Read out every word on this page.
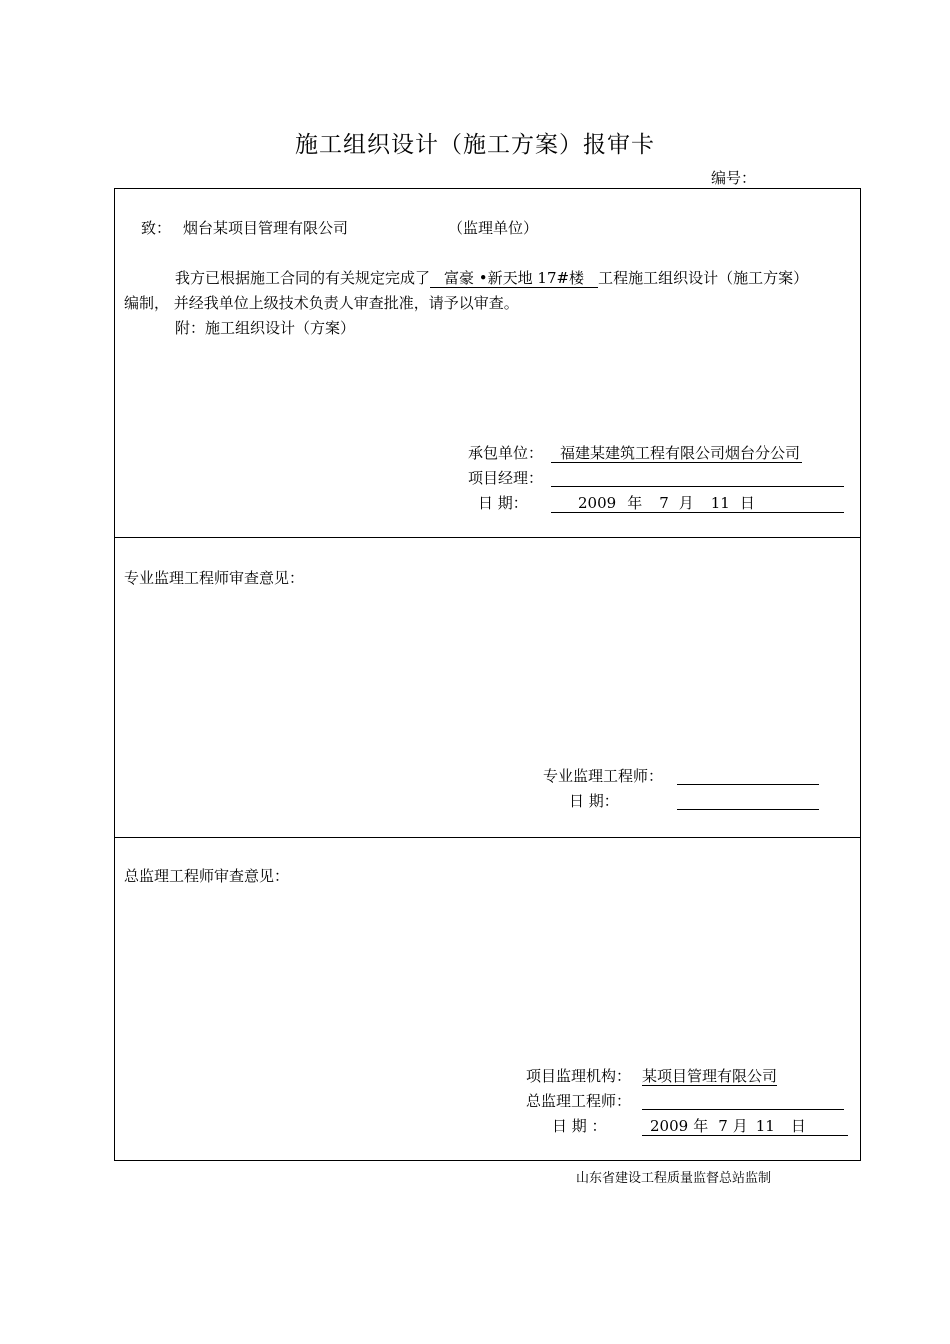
施工组织设计（施工方案）报审卡
编号：
致： 烟台某项目管理有限公司	（监理单位）
我方已根据施工合同的有关规定完成了 富豪 •新天地 17#楼 工程施工组织设计（施工方案）
编制， 并经我单位上级技术负责人审查批准，请予以审查。
附：施工组织设计（方案）
承包单位：	福建某建筑工程有限公司烟台分公司
项目经理：
日 期：	2009 年 7 月 11 日
专业监理工程师审查意见：
专业监理工程师：
日 期：
总监理工程师审查意见：
项目监理机构： 某项目管理有限公司
总监理工程师：
日 期 ：	2009 年 7 月 11 日
山东省建设工程质量监督总站监制
